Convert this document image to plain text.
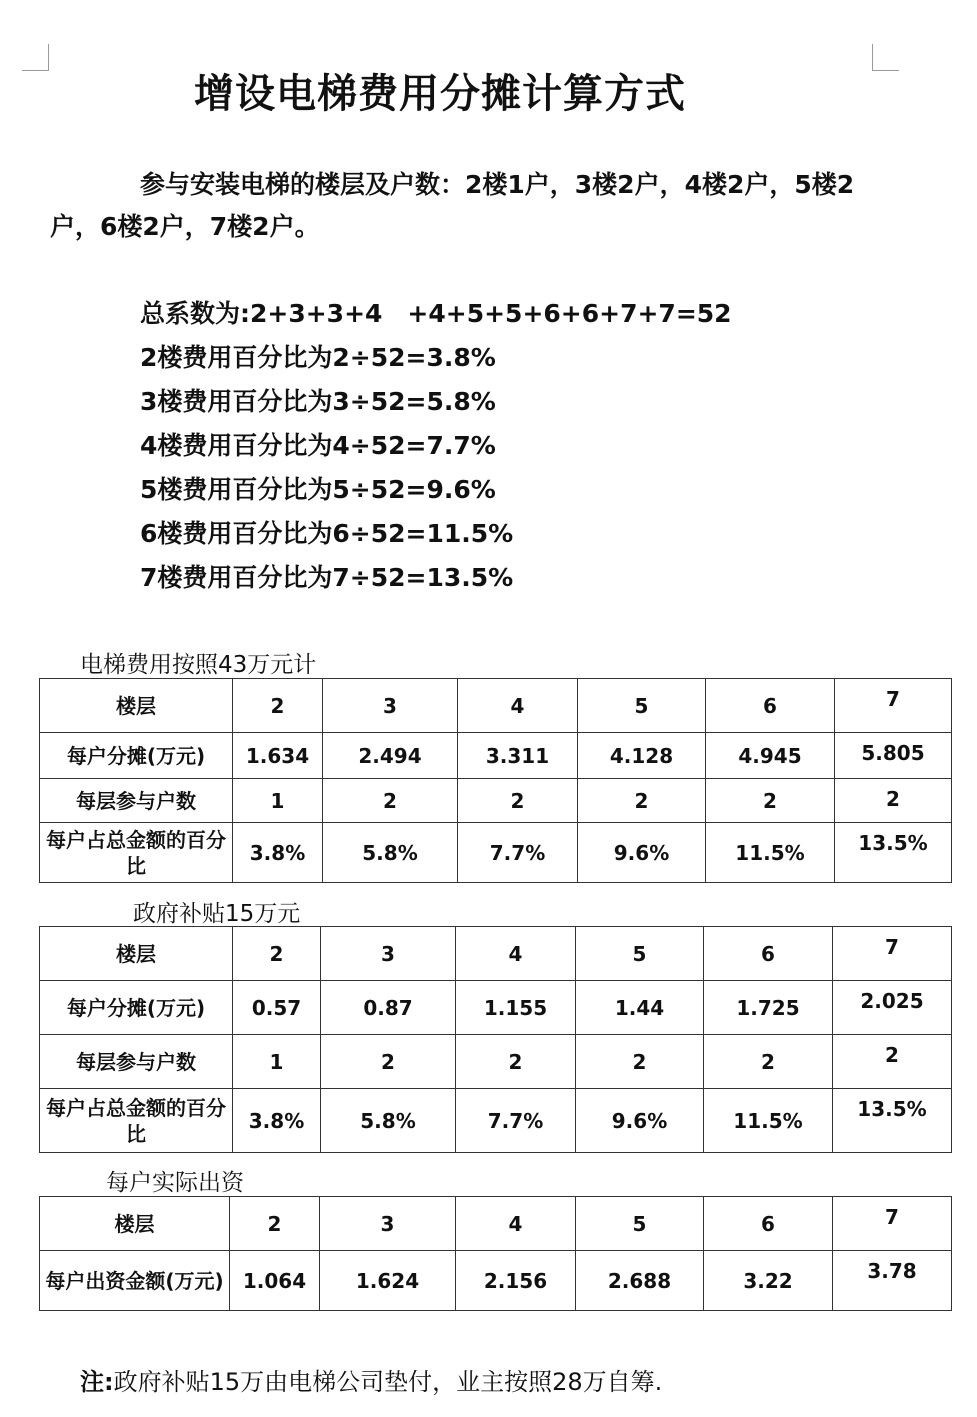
增设电梯费用分摊计算方式
参与安装电梯的楼层及户数：2楼1户，3楼2户，4楼2户，5楼2户，6楼2户，7楼2户。
总系数为:2+3+3+4　+4+5+5+6+6+7+7=52
2楼费用百分比为2÷52=3.8%
3楼费用百分比为3÷52=5.8%
4楼费用百分比为4÷52=7.7%
5楼费用百分比为5÷52=9.6%
6楼费用百分比为6÷52=11.5%
7楼费用百分比为7÷52=13.5%
电梯费用按照43万元计
楼层	2	3	4	5	6	7
每户分摊(万元)	1.634	2.494	3.311	4.128	4.945	5.805
每层参与户数	1	2	2	2	2	2
每户占总金额的百分比	3.8%	5.8%	7.7%	9.6%	11.5%	13.5%
政府补贴15万元
楼层	2	3	4	5	6	7
每户分摊(万元)	0.57	0.87	1.155	1.44	1.725	2.025
每层参与户数	1	2	2	2	2	2
每户占总金额的百分比	3.8%	5.8%	7.7%	9.6%	11.5%	13.5%
每户实际出资
楼层	2	3	4	5	6	7
每户出资金额(万元)	1.064	1.624	2.156	2.688	3.22	3.78
注:政府补贴15万由电梯公司垫付，业主按照28万自筹.
